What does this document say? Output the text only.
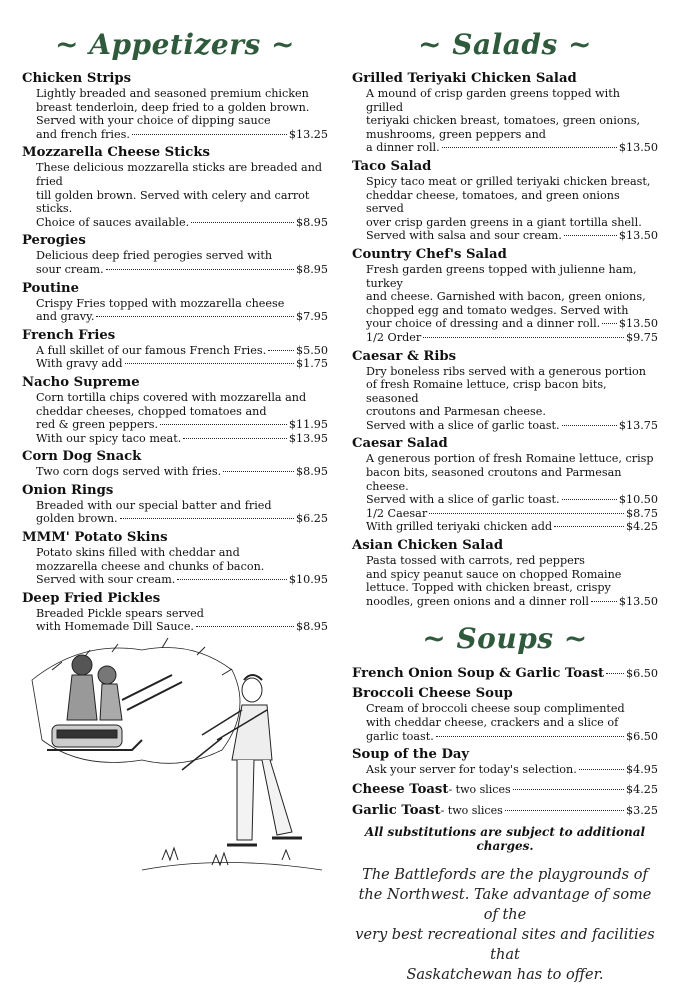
~ Appetizers ~
Chicken Strips
Lightly breaded and seasoned premium chicken
breast tenderloin, deep fried to a golden brown.
Served with your choice of dipping sauce
and french fries.	$13.25
Mozzarella Cheese Sticks
These delicious mozzarella sticks are breaded and fried
till golden brown. Served with celery and carrot sticks.
Choice of sauces available.	$8.95
Perogies
Delicious deep fried perogies served with
sour cream.	$8.95
Poutine
Crispy Fries topped with mozzarella cheese
and gravy.	$7.95
French Fries
A full skillet of our famous French Fries.	$5.50
With gravy add	$1.75
Nacho Supreme
Corn tortilla chips covered with mozzarella and
cheddar cheeses, chopped tomatoes and
red & green peppers.	$11.95
With our spicy taco meat.	$13.95
Corn Dog Snack
Two corn dogs served with fries.	$8.95
Onion Rings
Breaded with our special batter and fried
golden brown.	$6.25
MMM' Potato Skins
Potato skins filled with cheddar and
mozzarella cheese and chunks of bacon.
Served with sour cream.	$10.95
Deep Fried Pickles
Breaded Pickle spears served
with Homemade Dill Sauce.	$8.95
~ Salads ~
Grilled Teriyaki Chicken Salad
A mound of crisp garden greens topped with grilled
teriyaki chicken breast, tomatoes, green onions,
mushrooms, green peppers and
a dinner roll.	$13.50
Taco Salad
Spicy taco meat or grilled teriyaki chicken breast,
cheddar cheese, tomatoes, and green onions served
over crisp garden greens in a giant tortilla shell.
Served with salsa and sour cream.	$13.50
Country Chef's Salad
Fresh garden greens topped with julienne ham, turkey
and cheese. Garnished with bacon, green onions,
chopped egg and tomato wedges. Served with
your choice of dressing and a dinner roll. $13.50
1/2 Order	$9.75
Caesar & Ribs
Dry boneless ribs served with a generous portion
of fresh Romaine lettuce, crisp bacon bits, seasoned
croutons and Parmesan cheese.
Served with a slice of garlic toast.	$13.75
Caesar Salad
A generous portion of fresh Romaine lettuce, crisp
bacon bits, seasoned croutons and Parmesan cheese.
Served with a slice of garlic toast.	$10.50
1/2 Caesar	$8.75
With grilled teriyaki chicken add	$4.25
Asian Chicken Salad
Pasta tossed with carrots, red peppers
and spicy peanut sauce on chopped Romaine
lettuce. Topped with chicken breast, crispy
noodles, green onions and a dinner roll	$13.50
~ Soups ~
French Onion Soup & Garlic Toast $6.50
Broccoli Cheese Soup
Cream of broccoli cheese soup complimented
with cheddar cheese, crackers and a slice of
garlic toast.	$6.50
Soup of the Day
Ask your server for today's selection.	$4.95
Cheese Toast - two slices	$4.25
Garlic Toast - two slices	$3.25
All substitutions are subject to additional charges.
The Battlefords are the playgrounds of
the Northwest. Take advantage of some of the
very best recreational sites and facilities that
Saskatchewan has to offer.
